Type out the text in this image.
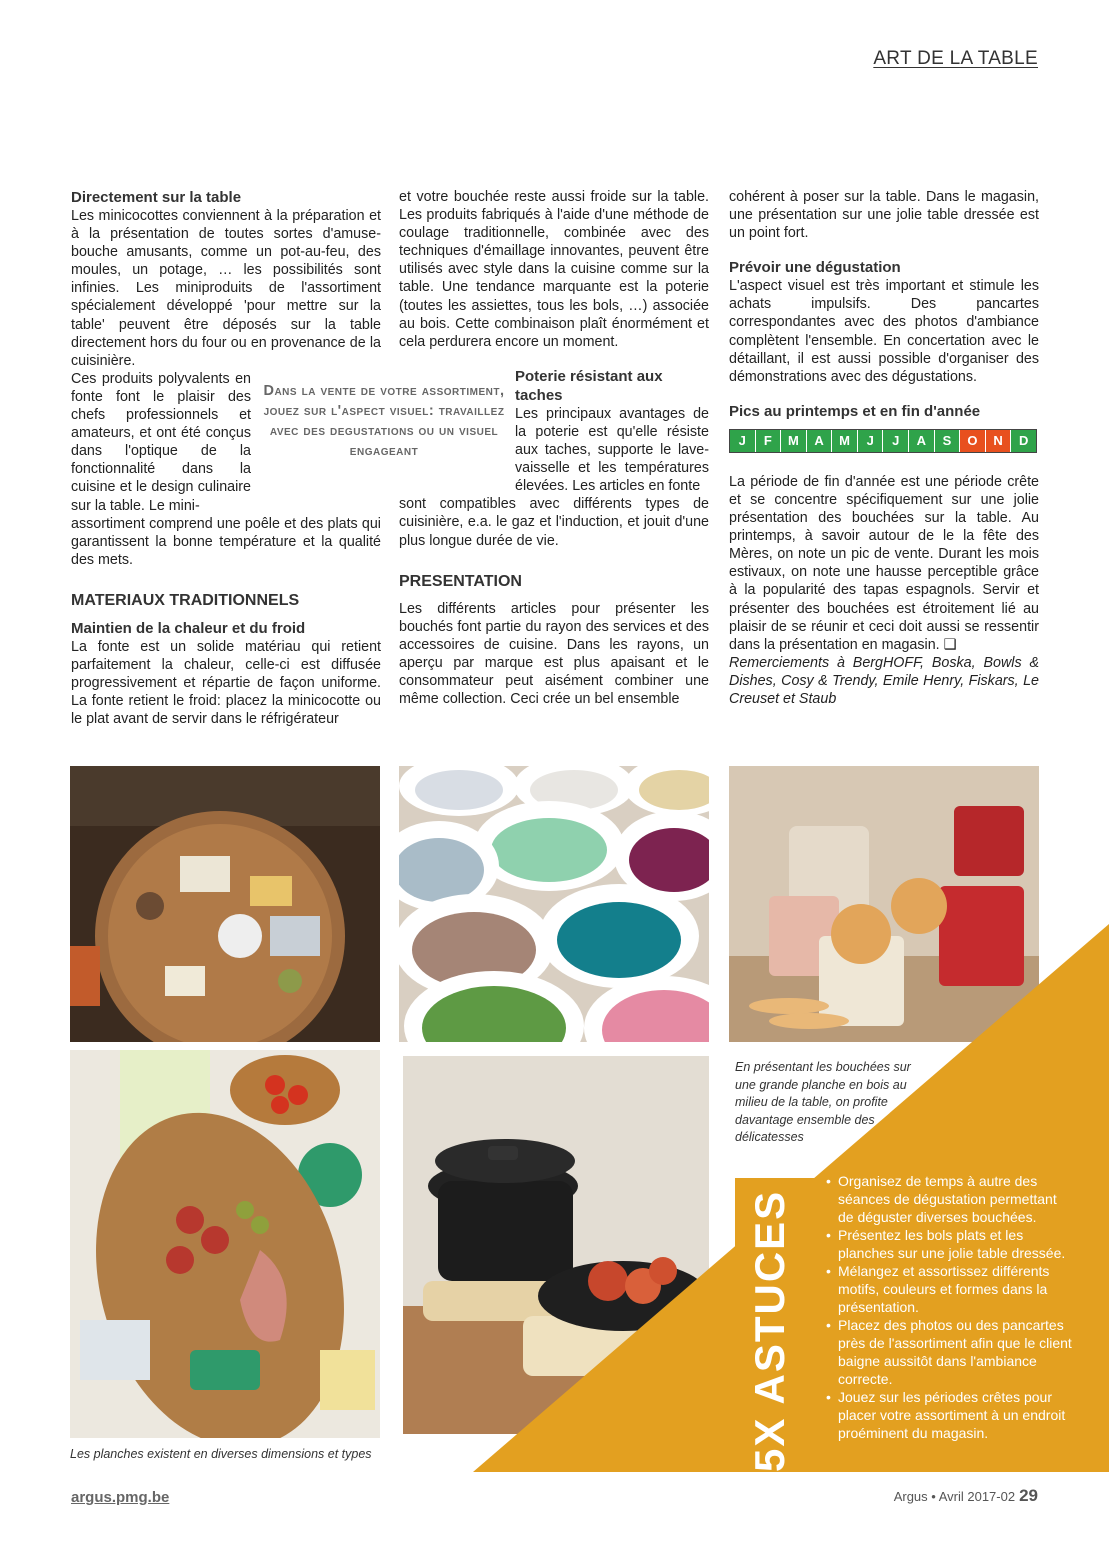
ART DE LA TABLE
Directement sur la table

Les minicocottes conviennent à la préparation et à la présentation de toutes sortes d'amuse-bouche amusants, comme un pot-au-feu, des moules, un potage, … les possibilités sont infinies. Les miniproduits de l'assortiment spécialement développé 'pour mettre sur la table' peuvent être déposés sur la table directement hors du four ou en provenance de la cuisinière.

Ces produits polyvalents en fonte font le plaisir des chefs professionnels et amateurs, et ont été conçus dans l'optique de la fonctionnalité dans la cuisine et le design culinaire sur la table. Le mini-

assortiment comprend une poêle et des plats qui garantissent la bonne température et la qualité des mets.

MATERIAUX TRADITIONNELS
Maintien de la chaleur et du froid

La fonte est un solide matériau qui retient parfaitement la chaleur, celle-ci est diffusée progressivement et répartie de façon uniforme. La fonte retient le froid: placez la minicocotte ou le plat avant de servir dans le réfrigérateur

Dans la vente de votre assortiment, jouez sur l'aspect visuel: travaillez avec des degustations ou un visuel engageant

et votre bouchée reste aussi froide sur la table. Les produits fabriqués à l'aide d'une méthode de coulage traditionnelle, combinée avec des techniques d'émaillage innovantes, peuvent être utilisés avec style dans la cuisine comme sur la table. Une tendance marquante est la poterie (toutes les assiettes, tous les bols, …) associée au bois. Cette combinaison plaît énormément et cela perdurera encore un moment.

Poterie résistant aux taches

Les principaux avantages de la poterie est qu'elle résiste aux taches, supporte le lave-vaisselle et les températures élevées. Les articles en fonte

sont compatibles avec différents types de cuisinière, e.a. le gaz et l'induction, et jouit d'une plus longue durée de vie.

PRESENTATION

Les différents articles pour présenter les bouchés font partie du rayon des services et des accessoires de cuisine. Dans les rayons, un aperçu par marque est plus apaisant et le consommateur peut aisément combiner une même collection. Ceci crée un bel ensemble

cohérent à poser sur la table. Dans le magasin, une présentation sur une jolie table dressée est un point fort.

Prévoir une dégustation

L'aspect visuel est très important et stimule les achats impulsifs. Des pancartes correspondantes avec des photos d'ambiance complètent l'ensemble. En concertation avec le détaillant, il est aussi possible d'organiser des démonstrations avec des dégustations.

Pics au printemps et en fin d'année
J	F	M	A	M	J	J	A	S	O	N	D

La période de fin d'année est une période crête et se concentre spécifiquement sur une jolie présentation des bouchées sur la table. Au printemps, à savoir autour de le la fête des Mères, on note un pic de vente. Durant les mois estivaux, on note une hausse perceptible grâce à la popularité des tapas espagnols. Servir et présenter des bouchées est étroitement lié au plaisir de se réunir et ceci doit aussi se ressentir dans la présentation en magasin. ❑

Remerciements à BergHOFF, Boska, Bowls & Dishes, Cosy & Trendy, Emile Henry, Fiskars, Le Creuset et Staub

En présentant les bouchées sur une grande planche en bois au milieu de la table, on profite davantage ensemble des délicatesses
5X ASTUCES

• Organisez de temps à autre des séances de dégustation permettant de déguster diverses bouchées.

• Présentez les bols plats et les planches sur une jolie table dressée.

• Mélangez et assortissez différents motifs, couleurs et formes dans la présentation.

• Placez des photos ou des pancartes près de l'assortiment afin que le client baigne aussitôt dans l'ambiance correcte.

• Jouez sur les périodes crêtes pour placer votre assortiment à un endroit proéminent du magasin.

Les planches existent en diverses dimensions et types
argus.pmg.be	Argus • Avril 2017-02 29
